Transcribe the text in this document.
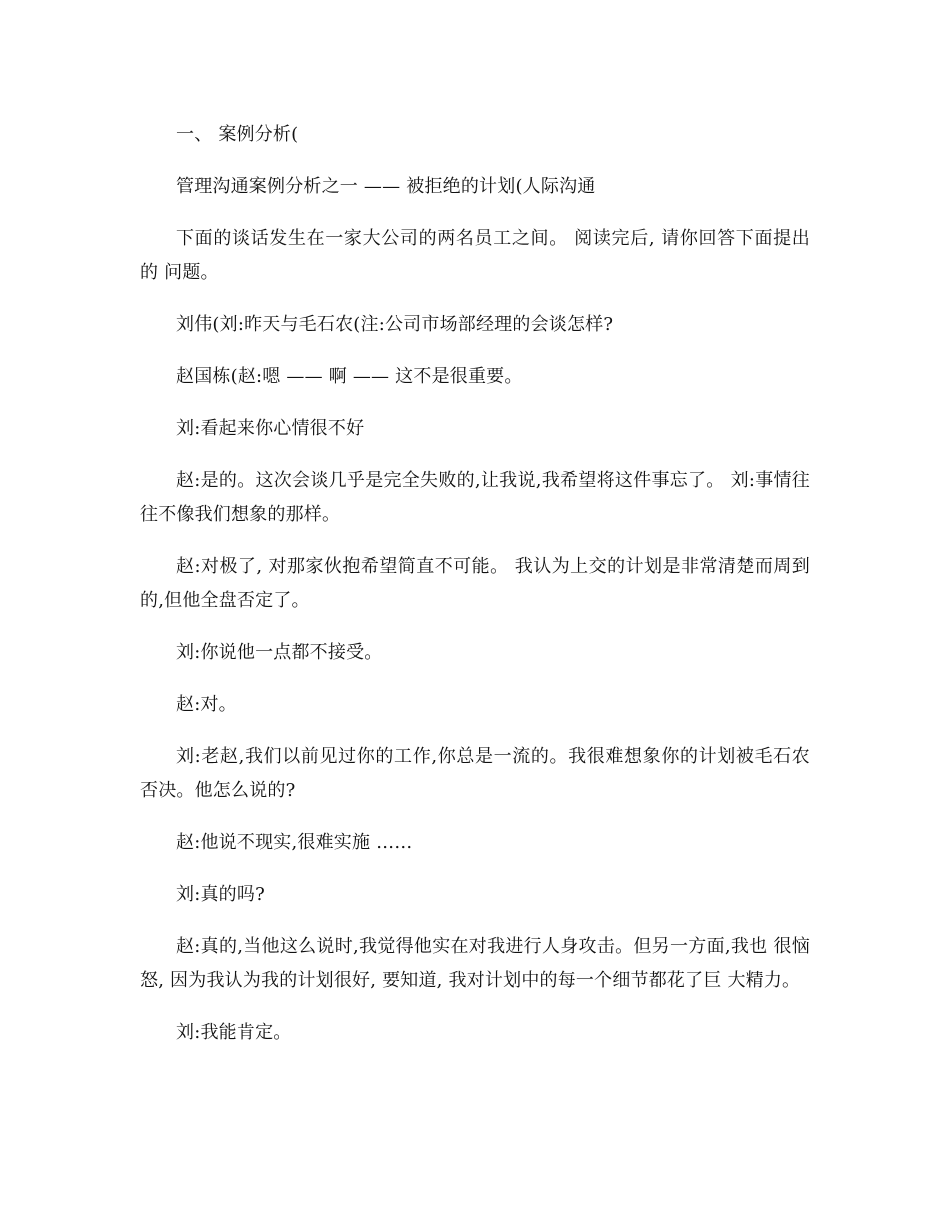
一、 案例分析(

管理沟通案例分析之一 —— 被拒绝的计划(人际沟通

下面的谈话发生在一家大公司的两名员工之间。 阅读完后, 请你回答下面提出的 问题。

刘伟(刘:昨天与毛石农(注:公司市场部经理的会谈怎样?

赵国栋(赵:嗯 —— 啊 —— 这不是很重要。

刘:看起来你心情很不好

赵:是的。这次会谈几乎是完全失败的,让我说,我希望将这件事忘了。 刘:事情往往不像我们想象的那样。

赵:对极了, 对那家伙抱希望简直不可能。 我认为上交的计划是非常清楚而周到 的,但他全盘否定了。

刘:你说他一点都不接受。

赵:对。

刘:老赵,我们以前见过你的工作,你总是一流的。我很难想象你的计划被毛石农否决。他怎么说的?

赵:他说不现实,很难实施 ……

刘:真的吗?

赵:真的,当他这么说时,我觉得他实在对我进行人身攻击。但另一方面,我也 很恼怒, 因为我认为我的计划很好, 要知道, 我对计划中的每一个细节都花了巨 大精力。

刘:我能肯定。
